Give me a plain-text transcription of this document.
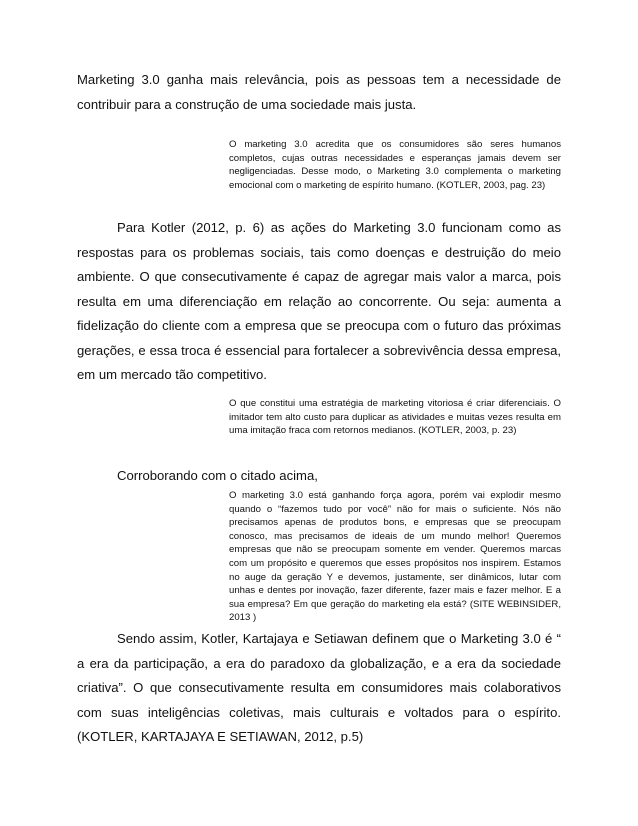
Marketing 3.0 ganha mais relevância, pois as pessoas tem a necessidade de contribuir para a construção de uma sociedade mais justa.

O marketing 3.0 acredita que os consumidores são seres humanos completos, cujas outras necessidades e esperanças jamais devem ser negligenciadas. Desse modo, o Marketing 3.0 complementa o marketing emocional com o marketing de espírito humano. (KOTLER, 2003, pag. 23)

Para Kotler (2012, p. 6) as ações do Marketing 3.0 funcionam como as respostas para os problemas sociais, tais como doenças e destruição do meio ambiente. O que consecutivamente é capaz de agregar mais valor a marca, pois resulta em uma diferenciação em relação ao concorrente. Ou seja: aumenta a fidelização do cliente com a empresa que se preocupa com o futuro das próximas gerações, e essa troca é essencial para fortalecer a sobrevivência dessa empresa, em um mercado tão competitivo.

O que constitui uma estratégia de marketing vitoriosa é criar diferenciais. O imitador tem alto custo para duplicar as atividades e muitas vezes resulta em uma imitação fraca com retornos medianos. (KOTLER, 2003, p. 23)

Corroborando com o citado acima,

O marketing 3.0 está ganhando força agora, porém vai explodir mesmo quando o “fazemos tudo por você” não for mais o suficiente. Nós não precisamos apenas de produtos bons, e empresas que se preocupam conosco, mas precisamos de ideais de um mundo melhor! Queremos empresas que não se preocupam somente em vender. Queremos marcas com um propósito e queremos que esses propósitos nos inspirem. Estamos no auge da geração Y e devemos, justamente, ser dinâmicos, lutar com unhas e dentes por inovação, fazer diferente, fazer mais e fazer melhor. E a sua empresa? Em que geração do marketing ela está? (SITE WEBINSIDER, 2013 )

Sendo assim, Kotler, Kartajaya e Setiawan definem que o Marketing 3.0 é “ a era da participação, a era do paradoxo da globalização, e a era da sociedade criativa”. O que consecutivamente resulta em consumidores mais colaborativos com suas inteligências coletivas, mais culturais e voltados para o espírito. (KOTLER, KARTAJAYA E SETIAWAN, 2012, p.5)
